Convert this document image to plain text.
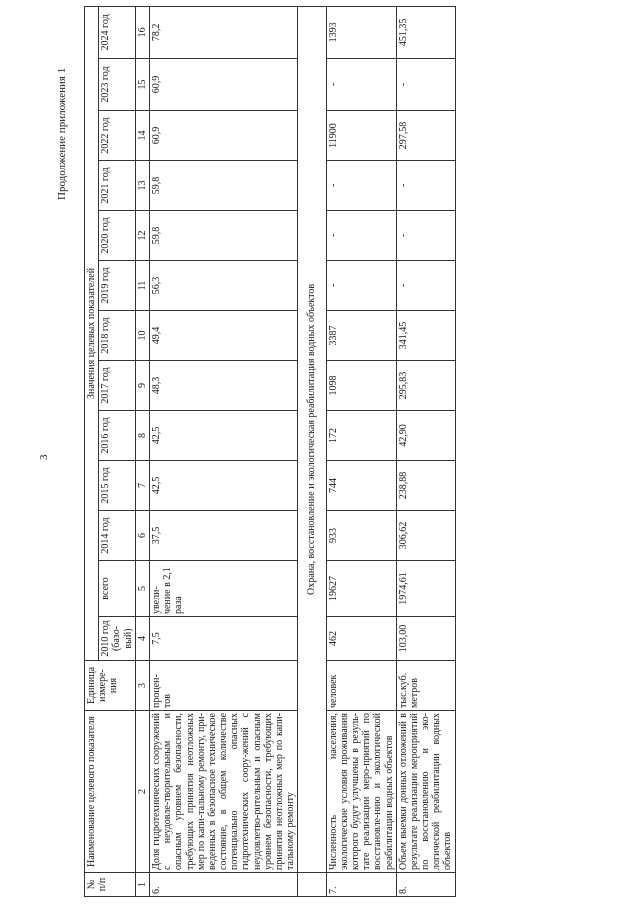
3
Продолжение приложения 1
№ п/п	Наименование целевого показателя	Единица измере-ния	Значения целевых показателей												
			2010 год (базо-вый)	всего	2014 год	2015 год	2016 год	2017 год	2018 год	2019 год	2020 год	2021 год	2022 год	2023 год	2024 год
1	2	3	4	5	6	7	8	9	10	11	12	13	14	15	16
6.	Доля гидротехнических сооружений с неудовле-творительным и опасным уровнем безопасности, требующих принятия неотложных мер по капи-тальному ремонту, при-веденных в безопасное техническое состояние, в общем количестве потенциально опасных гидротехнических соору-жений с неудовлетво-рительным и опасным уровнем безопасности, требующих принятия неотложных мер по капи-тальному ремонту	процен-тов	7,5	увели-чение в 2,1 раза	37,5	42,5	42,5	48,3	49,4	56,3	59,8	59,8	60,9	60,9	78,2
	Охрана, восстановление и экологическая реабилитация водных объектов														
7.	Численность населения, экологические условия проживания которого будут улучшены в резуль-тате реализации меро-приятий по восстановле-нию и экологической реабилитации водных объектов	человек	462	19627	933	744	172	1098	3387	-	-	-	11900	-	1393
8.	Объем выемки донных отложений в результате реализации мероприятий по восстановлению и эко-логической реабилитации водных объектов	тыс.куб. метров	103,00	1974,61	306,62	238,88	42,90	295,83	341,45	-	-	-	297,58	-	451,35
